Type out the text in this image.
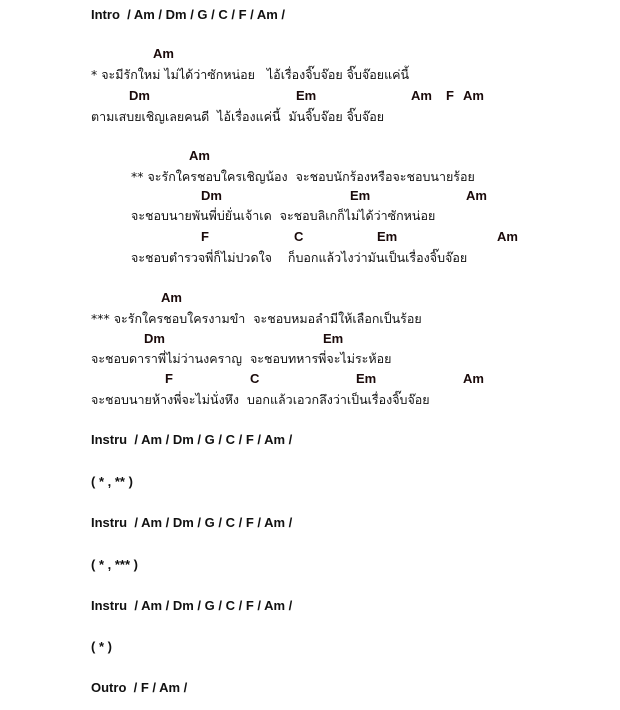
Intro  / Am / Dm / G / C / F / Am /
Am
* จะมีรักใหม่ ไม่ได้ว่าซักหน่อย   ไอ้เรื่องจิ๊บจ๊อย จิ๊บจ๊อยแค่นี้
Dm	Em	Am F Am
ตามเสบยเชิญเลยคนดี  ไอ้เรื่องแค่นี้  มันจิ๊บจ๊อย จิ๊บจ๊อย
Am
** จะรักใครชอบใครเชิญน้อง  จะชอบนักร้องหรือจะชอบนายร้อย
Dm	Em	Am
จะชอบนายพันพี่บ่ยั่นเจ้าเด  จะชอบลิเกก็ไม่ได้ว่าซักหน่อย
F	C	Em	Am
จะชอบตำรวจพี่ก็ไม่ปวดใจ    ก็บอกแล้วไงว่ามันเป็นเรื่องจิ๊บจ๊อย
Am
*** จะรักใครชอบใครงามขำ  จะชอบหมอลำมีให้เลือกเป็นร้อย
Dm	Em
จะชอบดาราพี่ไม่ว่านงคราญ  จะชอบทหารพี่จะไม่ระห้อย
F	C	Em	Am
จะชอบนายห้างพี่จะไม่นั่งหึง  บอกแล้วเอวกลึงว่าเป็นเรื่องจิ๊บจ๊อย
Instru  / Am / Dm / G / C / F / Am /
( * , ** )
Instru  / Am / Dm / G / C / F / Am /
( * , *** )
Instru  / Am / Dm / G / C / F / Am /
( * )
Outro  / F / Am /
